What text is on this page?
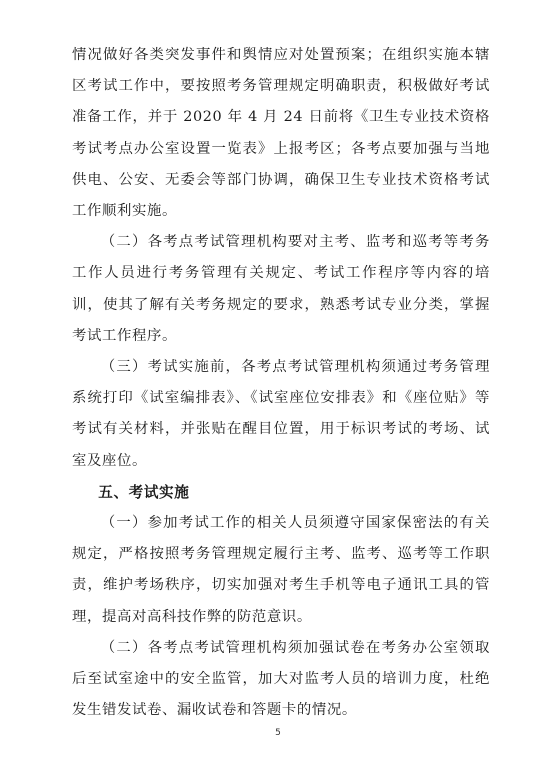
情况做好各类突发事件和舆情应对处置预案；在组织实施本辖区考试工作中，要按照考务管理规定明确职责，积极做好考试准备工作，并于 2020 年 4 月 24 日前将《卫生专业技术资格考试考点办公室设置一览表》上报考区；各考点要加强与当地供电、公安、无委会等部门协调，确保卫生专业技术资格考试工作顺利实施。

（二）各考点考试管理机构要对主考、监考和巡考等考务工作人员进行考务管理有关规定、考试工作程序等内容的培训，使其了解有关考务规定的要求，熟悉考试专业分类，掌握考试工作程序。

（三）考试实施前，各考点考试管理机构须通过考务管理系统打印《试室编排表》、《试室座位安排表》和《座位贴》等考试有关材料，并张贴在醒目位置，用于标识考试的考场、试室及座位。

五、考试实施

（一）参加考试工作的相关人员须遵守国家保密法的有关规定，严格按照考务管理规定履行主考、监考、巡考等工作职责，维护考场秩序，切实加强对考生手机等电子通讯工具的管理，提高对高科技作弊的防范意识。

（二）各考点考试管理机构须加强试卷在考务办公室领取后至试室途中的安全监管，加大对监考人员的培训力度，杜绝发生错发试卷、漏收试卷和答题卡的情况。

5
